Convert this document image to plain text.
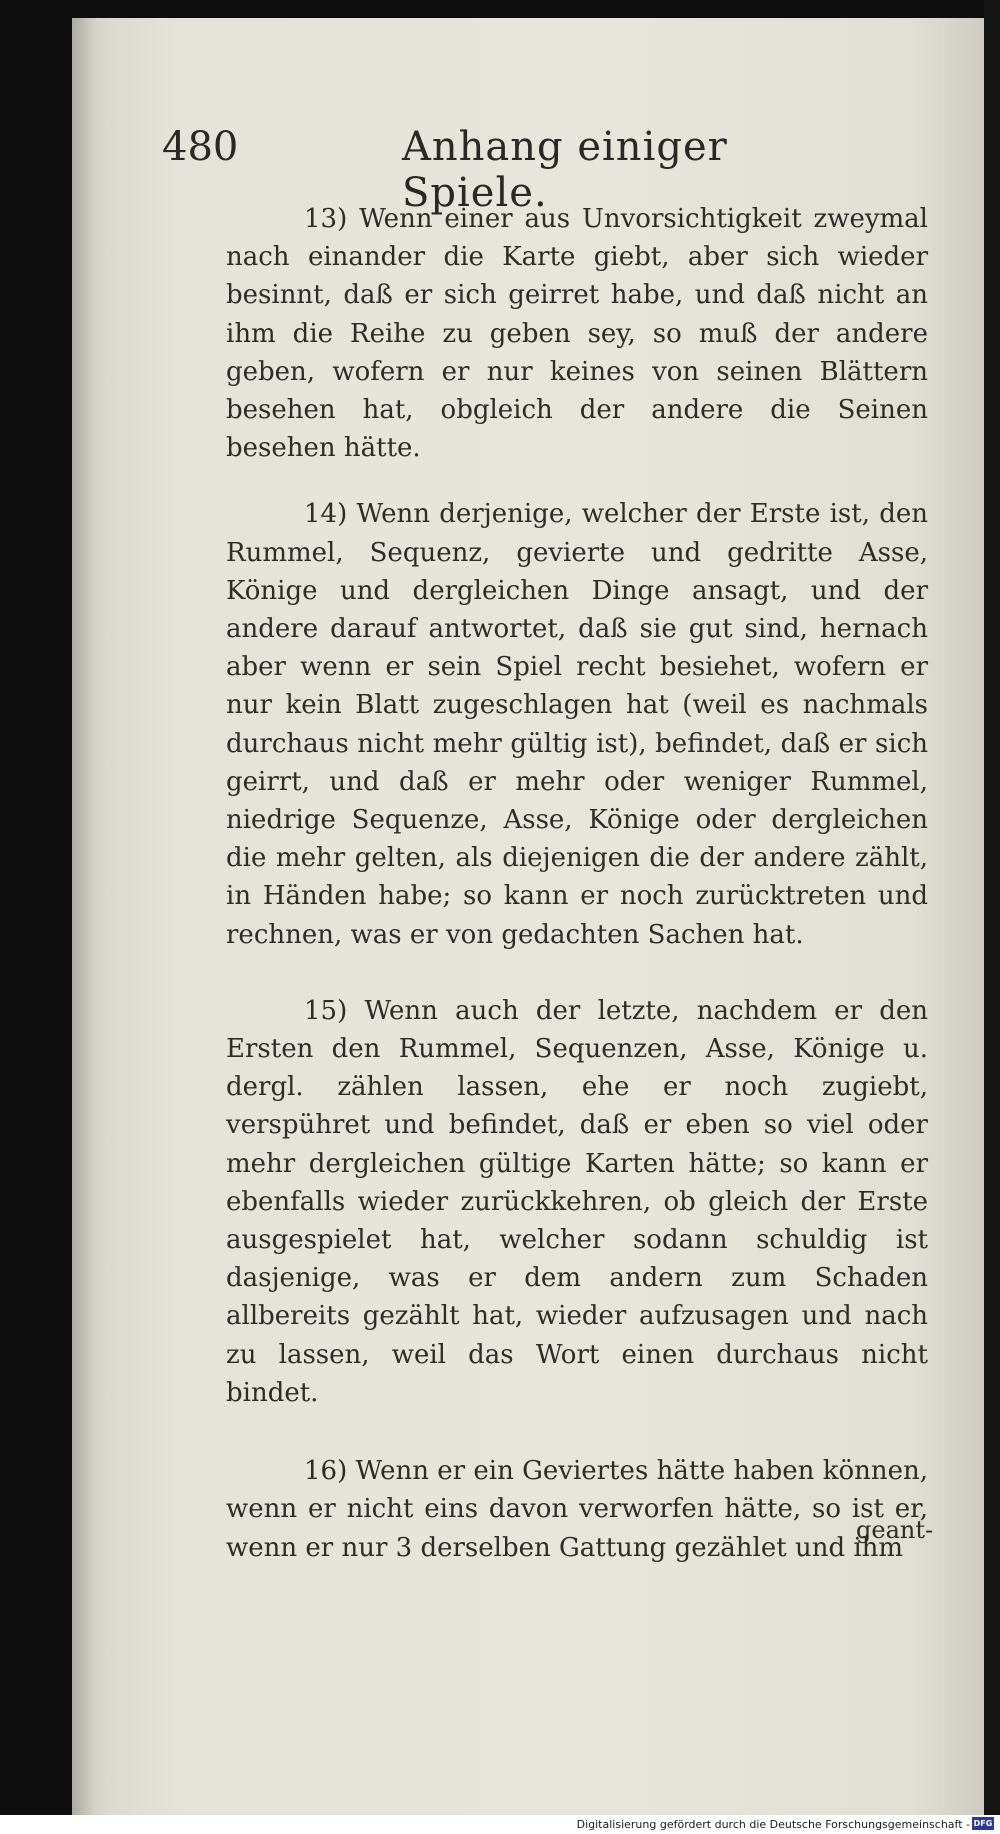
480	Anhang einiger Spiele.

13) Wenn einer aus Unvorsichtigkeit zweymal nach einander die Karte giebt, aber sich wieder besinnt, daß er sich geirret habe, und daß nicht an ihm die Reihe zu geben sey, so muß der andere geben, wofern er nur keines von seinen Blättern besehen hat, obgleich der andere die Seinen besehen hätte.

14) Wenn derjenige, welcher der Erste ist, den Rummel, Sequenz, gevierte und gedritte Asse, Könige und dergleichen Dinge ansagt, und der andere darauf antwortet, daß sie gut sind, hernach aber wenn er sein Spiel recht besiehet, wofern er nur kein Blatt zugeschlagen hat (weil es nachmals durchaus nicht mehr gültig ist), befindet, daß er sich geirrt, und daß er mehr oder weniger Rummel, niedrige Sequenze, Asse, Könige oder dergleichen die mehr gelten, als diejenigen die der andere zählt, in Händen habe; so kann er noch zurücktreten und rechnen, was er von gedachten Sachen hat.

15) Wenn auch der letzte, nachdem er den Ersten den Rummel, Sequenzen, Asse, Könige u. dergl. zählen lassen, ehe er noch zugiebt, verspühret und befindet, daß er eben so viel oder mehr dergleichen gültige Karten hätte; so kann er ebenfalls wieder zurückkehren, ob gleich der Erste ausgespielet hat, welcher sodann schuldig ist dasjenige, was er dem andern zum Schaden allbereits gezählt hat, wieder aufzusagen und nach zu lassen, weil das Wort einen durchaus nicht bindet.

16) Wenn er ein Geviertes hätte haben können, wenn er nicht eins davon verworfen hätte, so ist er, wenn er nur 3 derselben Gattung gezählet und ihm

geant-
Digitalisierung gefördert durch die Deutsche Forschungsgemeinschaft - DFG
